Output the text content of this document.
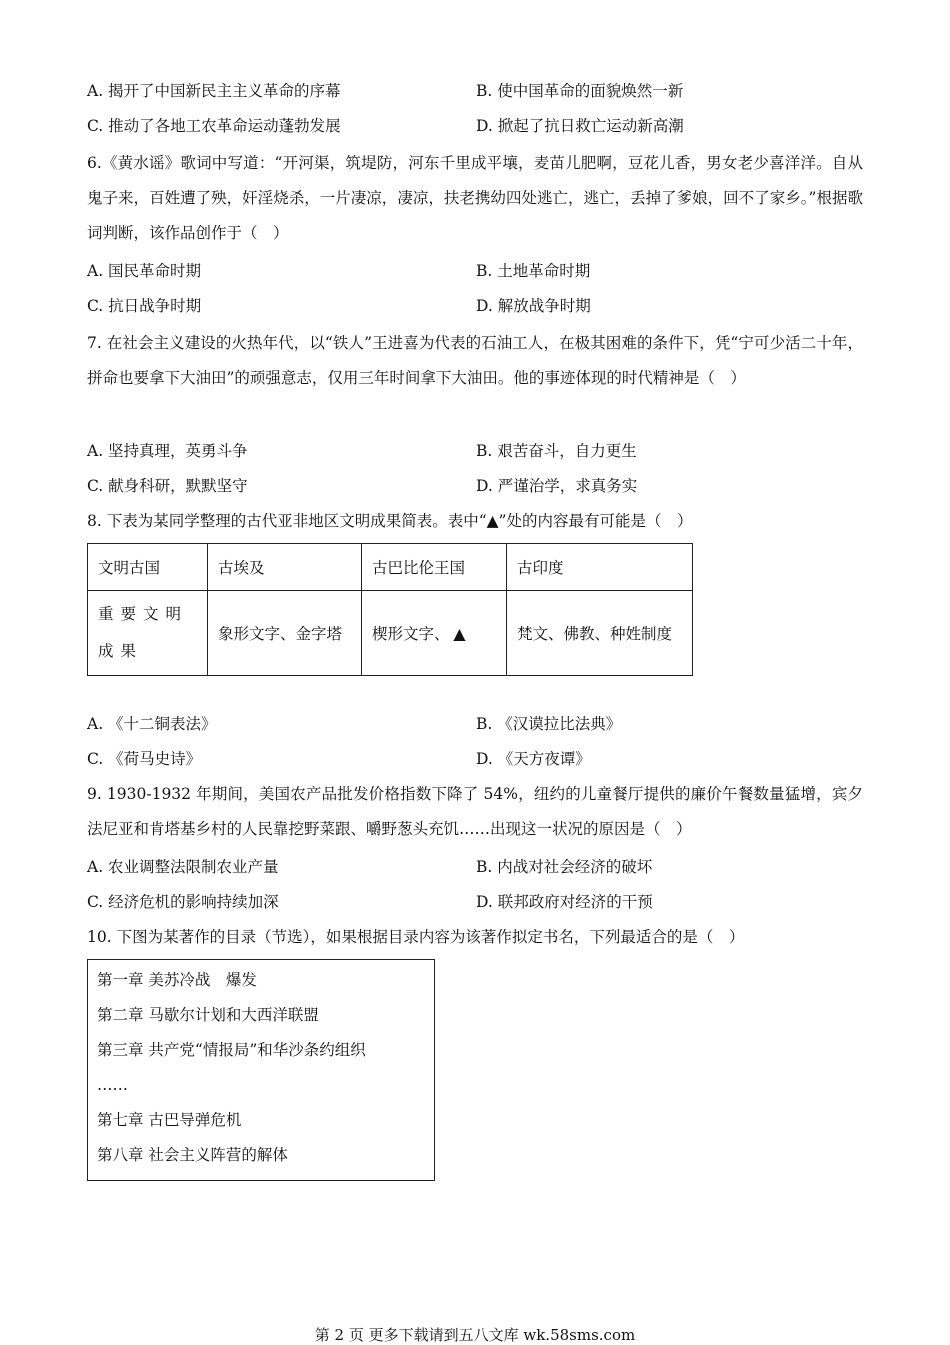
A. 揭开了中国新民主主义革命的序幕	B. 使中国革命的面貌焕然一新
C. 推动了各地工农革命运动蓬勃发展	D. 掀起了抗日救亡运动新高潮
6.《黄水谣》歌词中写道：“开河渠，筑堤防，河东千里成平壤，麦苗儿肥啊，豆花儿香，男女老少喜洋洋。自从鬼子来，百姓遭了殃，奸淫烧杀，一片凄凉，凄凉，扶老携幼四处逃亡，逃亡，丢掉了爹娘，回不了家乡。”根据歌词判断，该作品创作于（　）
A. 国民革命时期	B. 土地革命时期
C. 抗日战争时期	D. 解放战争时期
7. 在社会主义建设的火热年代，以“铁人”王进喜为代表的石油工人，在极其困难的条件下，凭“宁可少活二十年，拼命也要拿下大油田”的顽强意志，仅用三年时间拿下大油田。他的事迹体现的时代精神是（　）
A. 坚持真理，英勇斗争	B. 艰苦奋斗，自力更生
C. 献身科研，默默坚守	D. 严谨治学，求真务实
8. 下表为某同学整理的古代亚非地区文明成果简表。表中“▲”处的内容最有可能是（　）
文明古国	古埃及	古巴比伦王国	古印度
重要文明成果	象形文字、金字塔	楔形文字、 ▲	梵文、佛教、种姓制度
A. 《十二铜表法》	B. 《汉谟拉比法典》
C. 《荷马史诗》	D. 《天方夜谭》
9. 1930-1932 年期间，美国农产品批发价格指数下降了 54%，纽约的儿童餐厅提供的廉价午餐数量猛增，宾夕法尼亚和肯塔基乡村的人民靠挖野菜跟、嚼野葱头充饥……出现这一状况的原因是（　）
A. 农业调整法限制农业产量	B. 内战对社会经济的破坏
C. 经济危机的影响持续加深	D. 联邦政府对经济的干预
10. 下图为某著作的目录（节选），如果根据目录内容为该著作拟定书名，下列最适合的是（　）
第一章 美苏冷战　爆发
第二章 马歇尔计划和大西洋联盟
第三章 共产党“情报局”和华沙条约组织
……
第七章 古巴导弹危机
第八章 社会主义阵营的解体
第 2 页 更多下载请到五八文库 wk.58sms.com
